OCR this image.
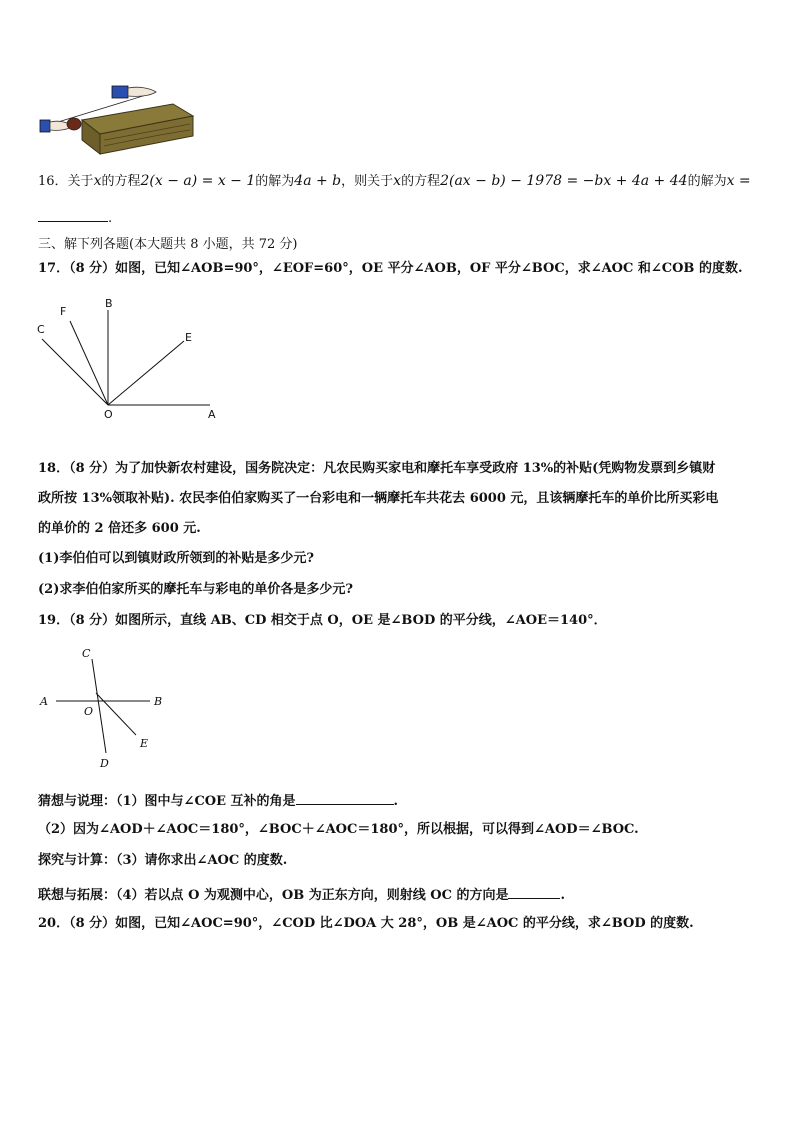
16．关于x的方程2(x − a) = x − 1的解为4a + b，则关于x的方程2(ax − b) − 1978 = −bx + 4a + 44的解为x =
.
三、解下列各题(本大题共 8 小题，共 72 分)
17．（8 分）如图，已知∠AOB=90°，∠EOF=60°，OE 平分∠AOB，OF 平分∠BOC，求∠AOC 和∠COB 的度数.
C
F
B
E
O	A
18．（8 分）为了加快新农村建设，国务院决定：凡农民购买家电和摩托车享受政府 13%的补贴(凭购物发票到乡镇财
政所按 13%领取补贴). 农民李伯伯家购买了一台彩电和一辆摩托车共花去 6000 元，且该辆摩托车的单价比所买彩电
的单价的 2 倍还多 600 元.
(1)李伯伯可以到镇财政所领到的补贴是多少元?
(2)求李伯伯家所买的摩托车与彩电的单价各是多少元?
19．（8 分）如图所示，直线 AB、CD 相交于点 O，OE 是∠BOD 的平分线，∠AOE＝140°．
A	B
C
D
E
O
猜想与说理：（1）图中与∠COE 互补的角是	.
（2）因为∠AOD＋∠AOC＝180°，∠BOC＋∠AOC＝180°，所以根据，可以得到∠AOD＝∠BOC.
探究与计算：（3）请你求出∠AOC 的度数.
联想与拓展：（4）若以点 O 为观测中心，OB 为正东方向，则射线 OC 的方向是	.
20．（8 分）如图，已知∠AOC=90°，∠COD 比∠DOA 大 28°，OB 是∠AOC 的平分线，求∠BOD 的度数.
